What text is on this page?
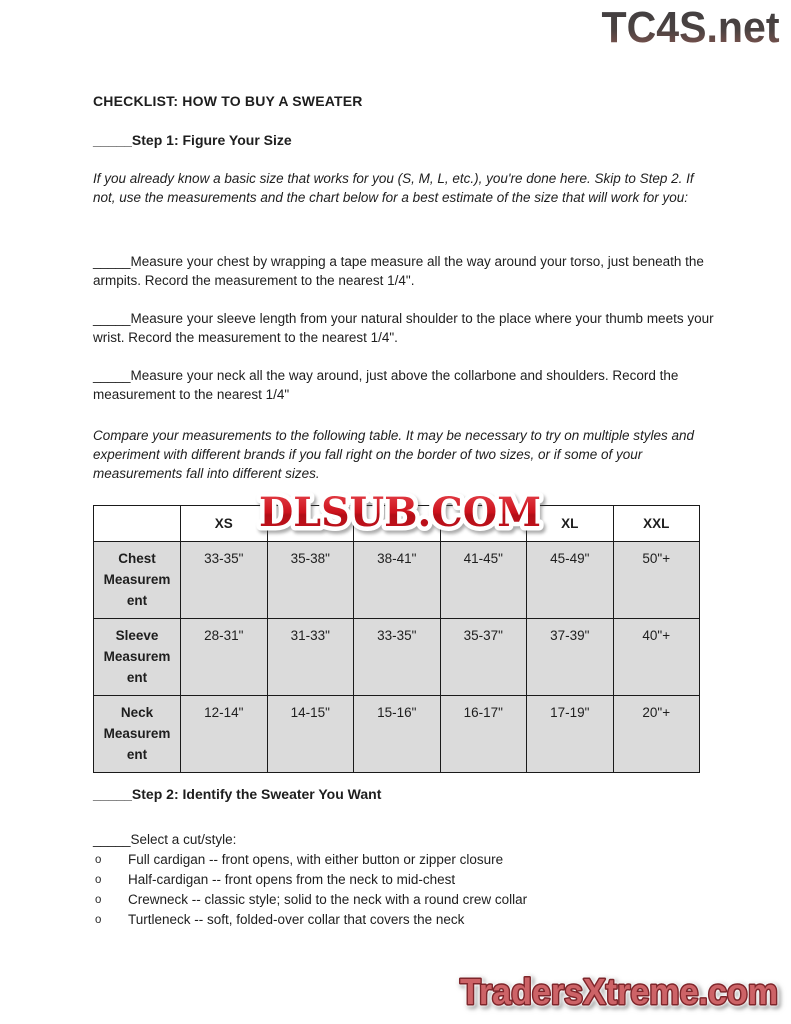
TC4S.net
CHECKLIST: HOW TO BUY A SWEATER
_____Step 1: Figure Your Size
If you already know a basic size that works for you (S, M, L, etc.), you're done here. Skip to Step 2. If not, use the measurements and the chart below for a best estimate of the size that will work for you:
_____Measure your chest by wrapping a tape measure all the way around your torso, just beneath the armpits. Record the measurement to the nearest 1/4".
_____Measure your sleeve length from your natural shoulder to the place where your thumb meets your wrist. Record the measurement to the nearest 1/4".
_____Measure your neck all the way around, just above the collarbone and shoulders. Record the measurement to the nearest 1/4"
Compare your measurements to the following table. It may be necessary to try on multiple styles and experiment with different brands if you fall right on the border of two sizes, or if some of your measurements fall into different sizes.
	XS				XL	XXL
Chest Measurement	33-35"	35-38"	38-41"	41-45"	45-49"	50"+
Sleeve Measurement	28-31"	31-33"	33-35"	35-37"	37-39"	40"+
Neck Measurement	12-14"	14-15"	15-16"	16-17"	17-19"	20"+
DLSUB.COM
_____Step 2: Identify the Sweater You Want
_____Select a cut/style:
o Full cardigan -- front opens, with either button or zipper closure
o Half-cardigan -- front opens from the neck to mid-chest
o Crewneck -- classic style; solid to the neck with a round crew collar
o Turtleneck -- soft, folded-over collar that covers the neck
TradersXtreme.com
